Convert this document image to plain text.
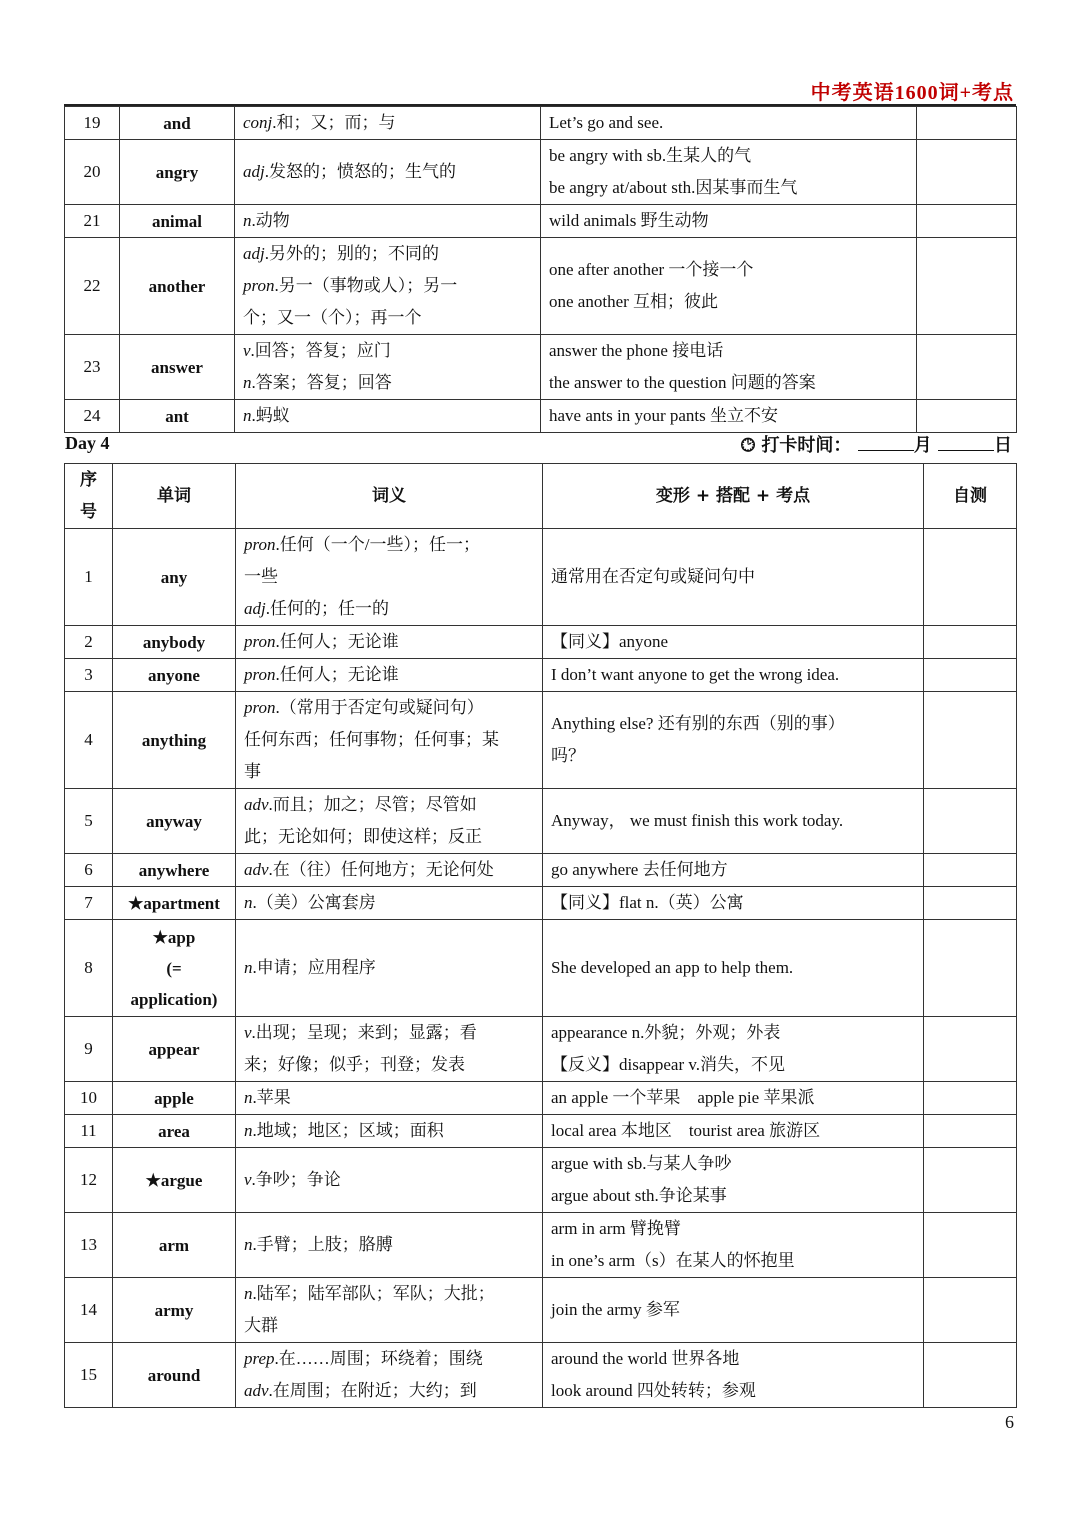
中考英语1600词+考点
19	and	conj.和；又；而；与	Let’s go and see.	

20	angry	adj.发怒的；愤怒的；生气的	be angry with sb.生某人的气
be angry at/about sth.因某事而生气	

21	animal	n.动物	wild animals 野生动物	

22	another	adj.另外的；别的；不同的
pron.另一（事物或人）；另一
个；又一（个）；再一个	one after another 一个接一个
one another 互相；彼此	

23	answer	v.回答；答复；应门
n.答案；答复；回答	answer the phone 接电话
the answer to the question 问题的答案	

24	ant	n.蚂蚁	have ants in your pants 坐立不安	

Day 4	🕑︎ 打卡时间：	月	日
序号	单词	词义	变形 + 搭配 + 考点	自测
1	any	pron.任何（一个/一些）；任一；
一些
adj.任何的；任一的	通常用在否定句或疑问句中	

2	anybody	pron.任何人；无论谁	【同义】anyone	

3	anyone	pron.任何人；无论谁	I don’t want anyone to get the wrong idea.	

4	anything	pron.（常用于否定句或疑问句）
任何东西；任何事物；任何事；某
事	Anything else? 还有别的东西（别的事）
吗？	

5	anyway	adv.而且；加之；尽管；尽管如
此；无论如何；即使这样；反正	Anyway， we must finish this work today.	

6	anywhere	adv.在（往）任何地方；无论何处	go anywhere 去任何地方	

7	★apartment	n.（美）公寓套房	【同义】flat n.（英）公寓	

8	★app
(=
application)	n.申请；应用程序	She developed an app to help them.	

9	appear	v.出现；呈现；来到；显露；看
来；好像；似乎；刊登；发表	appearance n.外貌；外观；外表
【反义】disappear v.消失，不见	

10	apple	n.苹果	an apple 一个苹果　apple pie 苹果派	

11	area	n.地域；地区；区域；面积	local area 本地区　tourist area 旅游区	

12	★argue	v.争吵；争论	argue with sb.与某人争吵
argue about sth.争论某事	

13	arm	n.手臂；上肢；胳膊	arm in arm 臂挽臂
in one’s arm（s）在某人的怀抱里	

14	army	n.陆军；陆军部队；军队；大批；
大群	join the army 参军	

15	around	prep.在……周围；环绕着；围绕
adv.在周围；在附近；大约；到	around the world 世界各地
look around 四处转转；参观	

6
